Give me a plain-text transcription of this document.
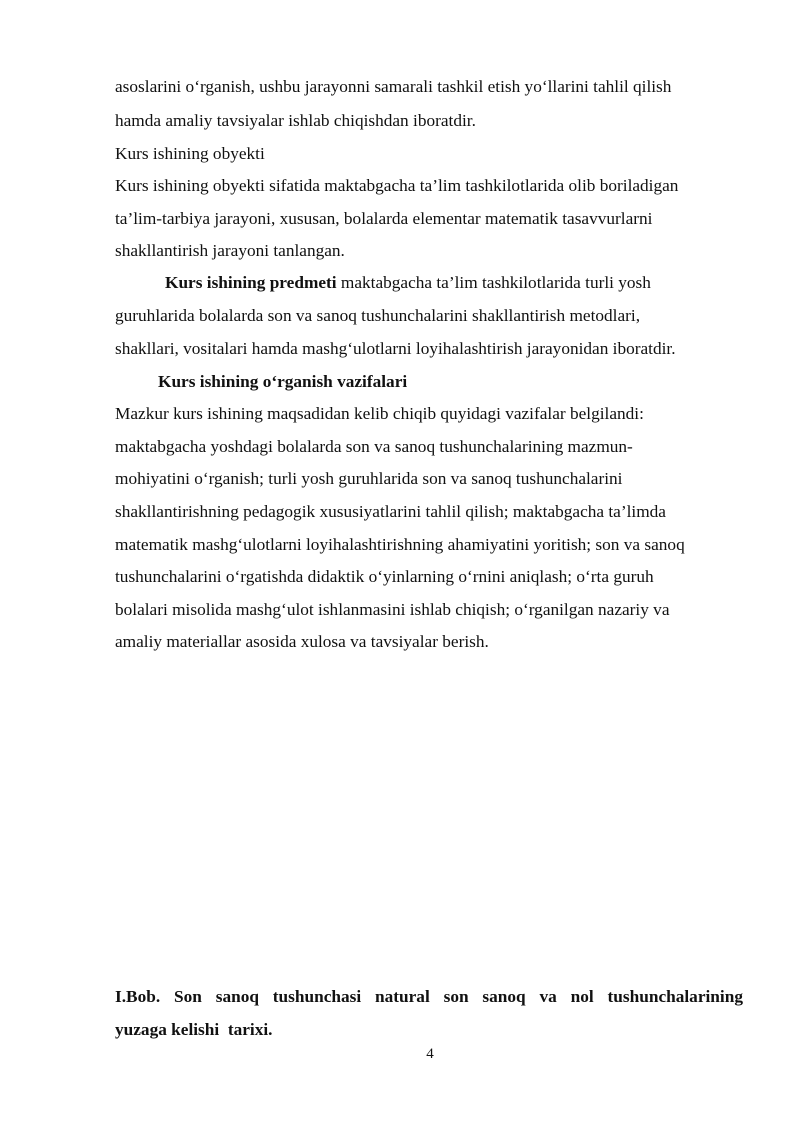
asoslarini o‘rganish, ushbu jarayonni samarali tashkil etish yo‘llarini tahlil qilish
hamda amaliy tavsiyalar ishlab chiqishdan iboratdir.
Kurs ishining obyekti
Kurs ishining obyekti sifatida maktabgacha ta’lim tashkilotlarida olib boriladigan
ta’lim-tarbiya jarayoni, xususan, bolalarda elementar matematik tasavvurlarni
shakllantirish jarayoni tanlangan.
Kurs ishining predmeti maktabgacha ta’lim tashkilotlarida turli yosh
guruhlarida bolalarda son va sanoq tushunchalarini shakllantirish metodlari,
shakllari, vositalari hamda mashg‘ulotlarni loyihalashtirish jarayonidan iboratdir.
Kurs ishining o‘rganish vazifalari
Mazkur kurs ishining maqsadidan kelib chiqib quyidagi vazifalar belgilandi:
maktabgacha yoshdagi bolalarda son va sanoq tushunchalarining mazmun-
mohiyatini o‘rganish; turli yosh guruhlarida son va sanoq tushunchalarini
shakllantirishning pedagogik xususiyatlarini tahlil qilish; maktabgacha ta’limda
matematik mashg‘ulotlarni loyihalashtirishning ahamiyatini yoritish; son va sanoq
tushunchalarini o‘rgatishda didaktik o‘yinlarning o‘rnini aniqlash; o‘rta guruh
bolalari misolida mashg‘ulot ishlanmasini ishlab chiqish; o‘rganilgan nazariy va
amaliy materiallar asosida xulosa va tavsiyalar berish.
I.Bob. Son sanoq tushunchasi natural son sanoq va nol tushunchalarining
yuzaga kelishi  tarixi.
4
